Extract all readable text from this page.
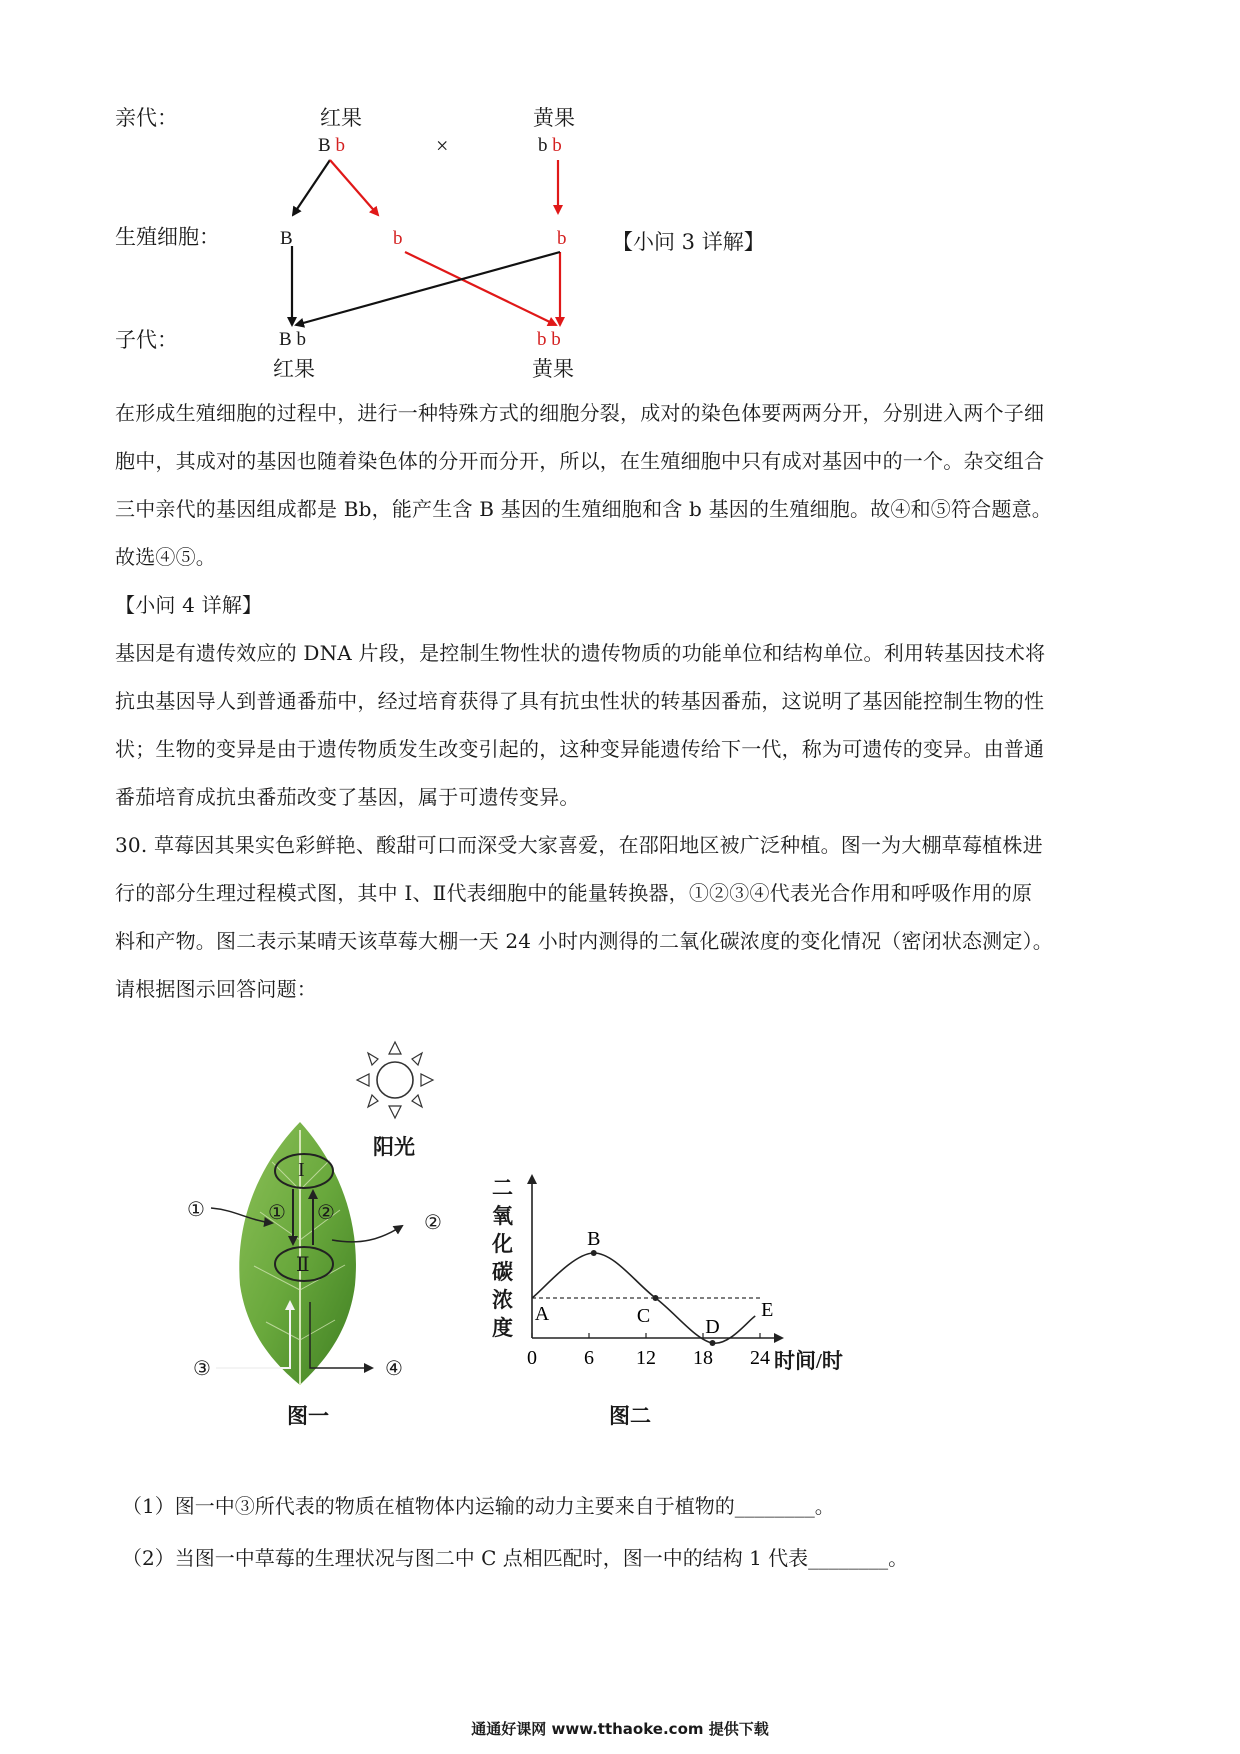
亲代：
生殖细胞：
子代：
红果
B b	×
黄果
b b
B	b	b 【小问 3 详解】
B b
红果
b b
黄果

在形成生殖细胞的过程中，进行一种特殊方式的细胞分裂，成对的染色体要两两分开，分别进入两个子细

胞中，其成对的基因也随着染色体的分开而分开，所以，在生殖细胞中只有成对基因中的一个。杂交组合

三中亲代的基因组成都是 Bb，能产生含 B 基因的生殖细胞和含 b 基因的生殖细胞。故④和⑤符合题意。

故选④⑤。

【小问 4 详解】

基因是有遗传效应的 DNA 片段，是控制生物性状的遗传物质的功能单位和结构单位。利用转基因技术将

抗虫基因导人到普通番茄中，经过培育获得了具有抗虫性状的转基因番茄，这说明了基因能控制生物的性

状；生物的变异是由于遗传物质发生改变引起的，这种变异能遗传给下一代，称为可遗传的变异。由普通

番茄培育成抗虫番茄改变了基因，属于可遗传变异。

30. 草莓因其果实色彩鲜艳、酸甜可口而深受大家喜爱，在邵阳地区被广泛种植。图一为大棚草莓植株进

行的部分生理过程模式图，其中 I、Ⅱ代表细胞中的能量转换器，①②③④代表光合作用和呼吸作用的原

料和产物。图二表示某晴天该草莓大棚一天 24 小时内测得的二氧化碳浓度的变化情况（密闭状态测定）。

请根据图示回答问题：

阳光
I
Ⅱ
①	① ②	②
③	④
图一
二
氧
化
碳
浓
度
0 6 12 18 24
A
B
C	D
E
时间/时
图二
（1）图一中③所代表的物质在植物体内运输的动力主要来自于植物的________。
（2）当图一中草莓的生理状况与图二中 C 点相匹配时，图一中的结构 1 代表________。
通通好课网 www.tthaoke.com 提供下载
